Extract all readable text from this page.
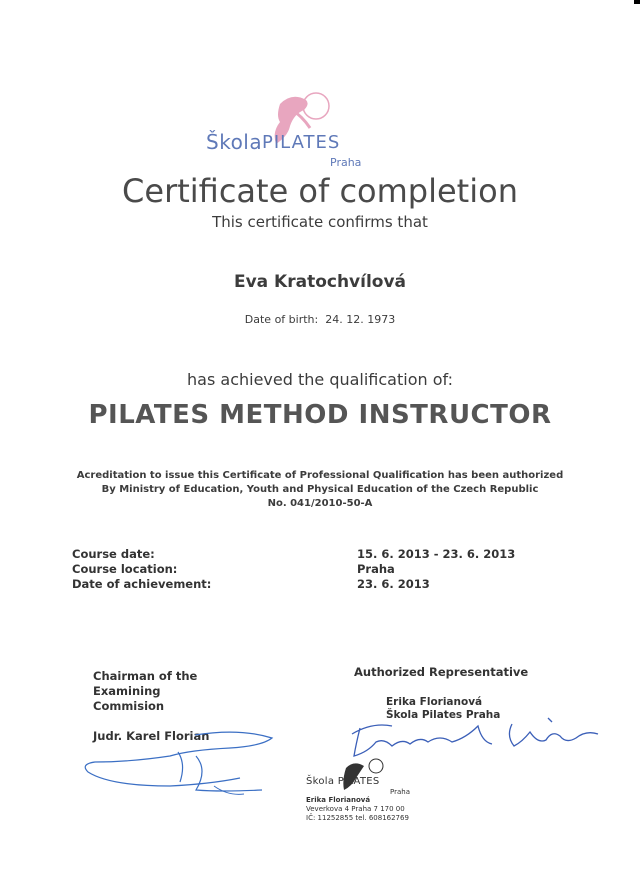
Škola PILATES
Praha
Certificate of completion
This certificate confirms that
Eva Kratochvílová
Date of birth: 24. 12. 1973
has achieved the qualification of:
PILATES METHOD INSTRUCTOR
Acreditation to issue this Certificate of Professional Qualification has been authorized
By Ministry of Education, Youth and Physical Education of the Czech Republic
No. 041/2010-50-A
Course date:
Course location:
Date of achievement:
15. 6. 2013 - 23. 6. 2013
Praha
23. 6. 2013
Chairman of the
Examining
Commision
Judr. Karel Florian
Authorized Representative
Erika Florianová
Škola Pilates Praha
Škola PILATES
Praha
Erika Florianová
Veverkova 4 Praha 7 170 00
IČ: 11252855 tel. 608162769
